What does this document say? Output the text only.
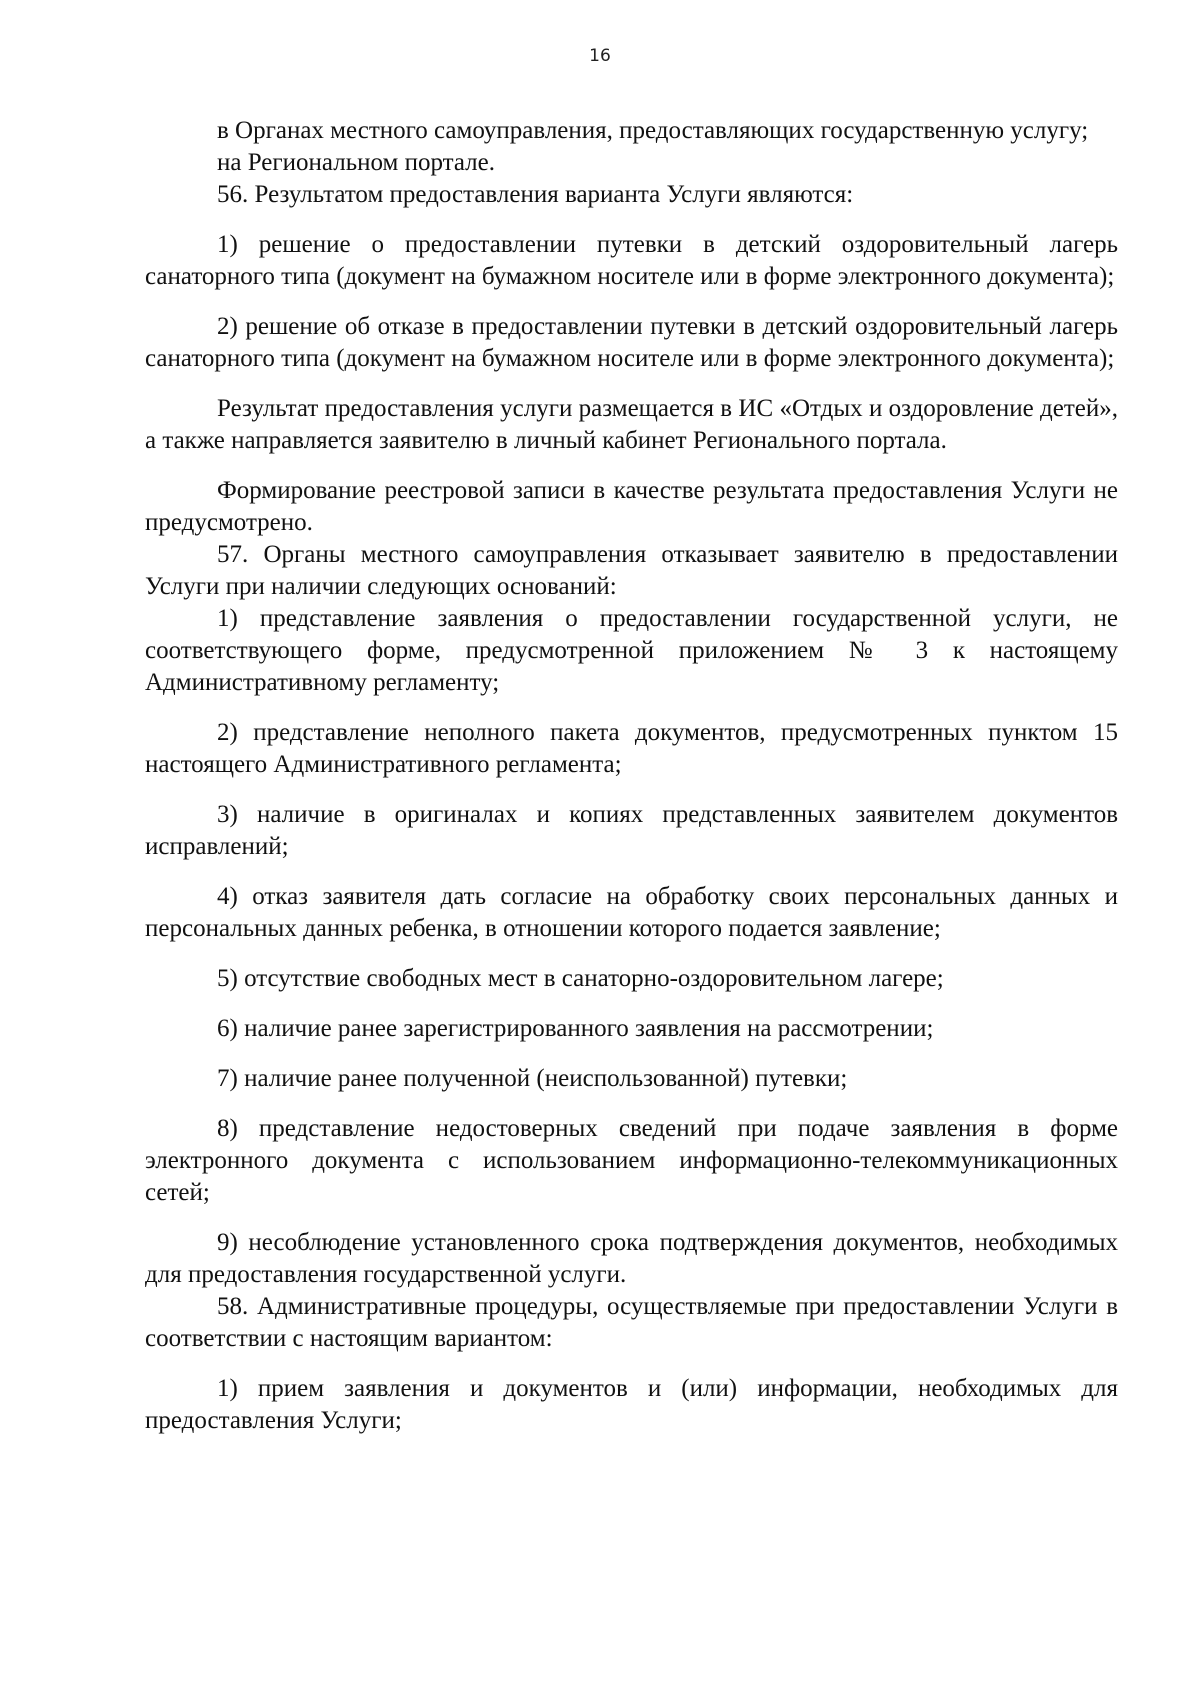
16

в Органах местного самоуправления, предоставляющих государственную услугу;

на Региональном портале.

56. Результатом предоставления варианта Услуги являются:

1) решение о предоставлении путевки в детский оздоровительный лагерь санаторного типа (документ на бумажном носителе или в форме электронного документа);

2) решение об отказе в предоставлении путевки в детский оздоровительный лагерь санаторного типа (документ на бумажном носителе или в форме электронного документа);

Результат предоставления услуги размещается в ИС «Отдых и оздоровление детей», а также направляется заявителю в личный кабинет Регионального портала.

Формирование реестровой записи в качестве результата предоставления Услуги не предусмотрено.

57. Органы местного самоуправления отказывает заявителю в предоставлении Услуги при наличии следующих оснований:

1) представление заявления о предоставлении государственной услуги, не соответствующего форме, предусмотренной приложением № 3 к настоящему Административному регламенту;

2) представление неполного пакета документов, предусмотренных пунктом 15 настоящего Административного регламента;

3) наличие в оригиналах и копиях представленных заявителем документов исправлений;

4) отказ заявителя дать согласие на обработку своих персональных данных и персональных данных ребенка, в отношении которого подается заявление;

5) отсутствие свободных мест в санаторно-оздоровительном лагере;

6) наличие ранее зарегистрированного заявления на рассмотрении;

7) наличие ранее полученной (неиспользованной) путевки;

8) представление недостоверных сведений при подаче заявления в форме электронного документа с использованием информационно-телекоммуникационных сетей;

9) несоблюдение установленного срока подтверждения документов, необходимых для предоставления государственной услуги.

58. Административные процедуры, осуществляемые при предоставлении Услуги в соответствии с настоящим вариантом:

1) прием заявления и документов и (или) информации, необходимых для предоставления Услуги;
